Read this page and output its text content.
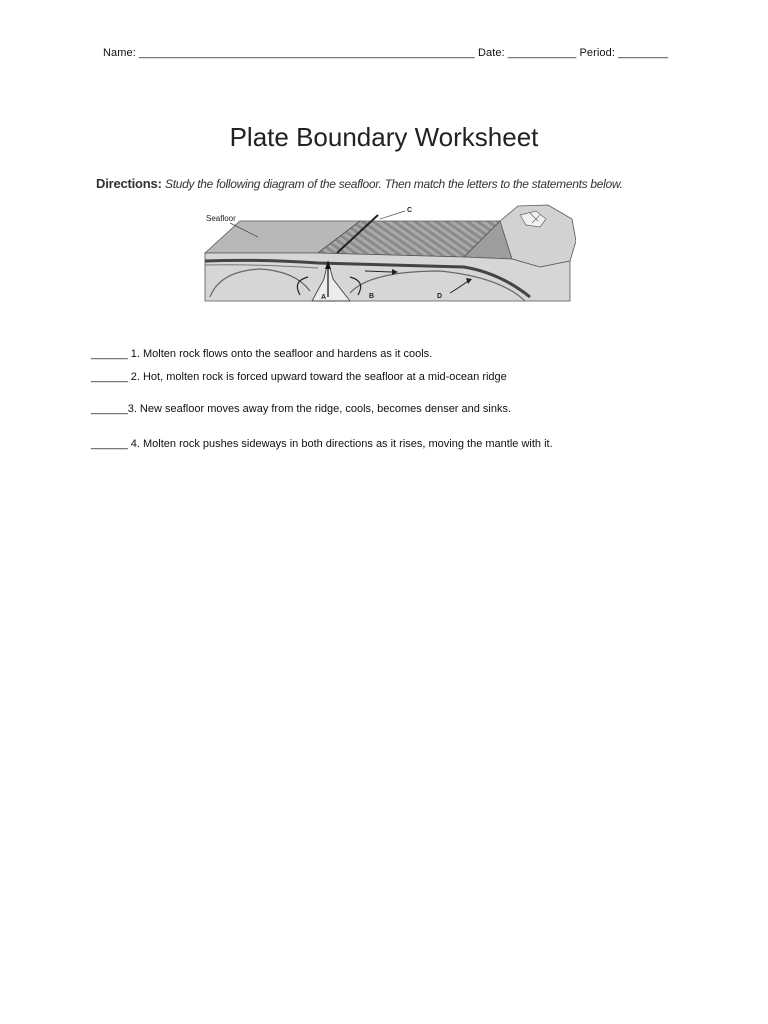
Name: ______________________________________________________ Date: ___________ Period: ________
Plate Boundary Worksheet
Directions: Study the following diagram of the seafloor. Then match the letters to the statements below.
Seafloor
C
A	B	D
______ 1. Molten rock flows onto the seafloor and hardens as it cools.
______ 2. Hot, molten rock is forced upward toward the seafloor at a mid-ocean ridge
______3. New seafloor moves away from the ridge, cools, becomes denser and sinks.
______ 4. Molten rock pushes sideways in both directions as it rises, moving the mantle with it.
